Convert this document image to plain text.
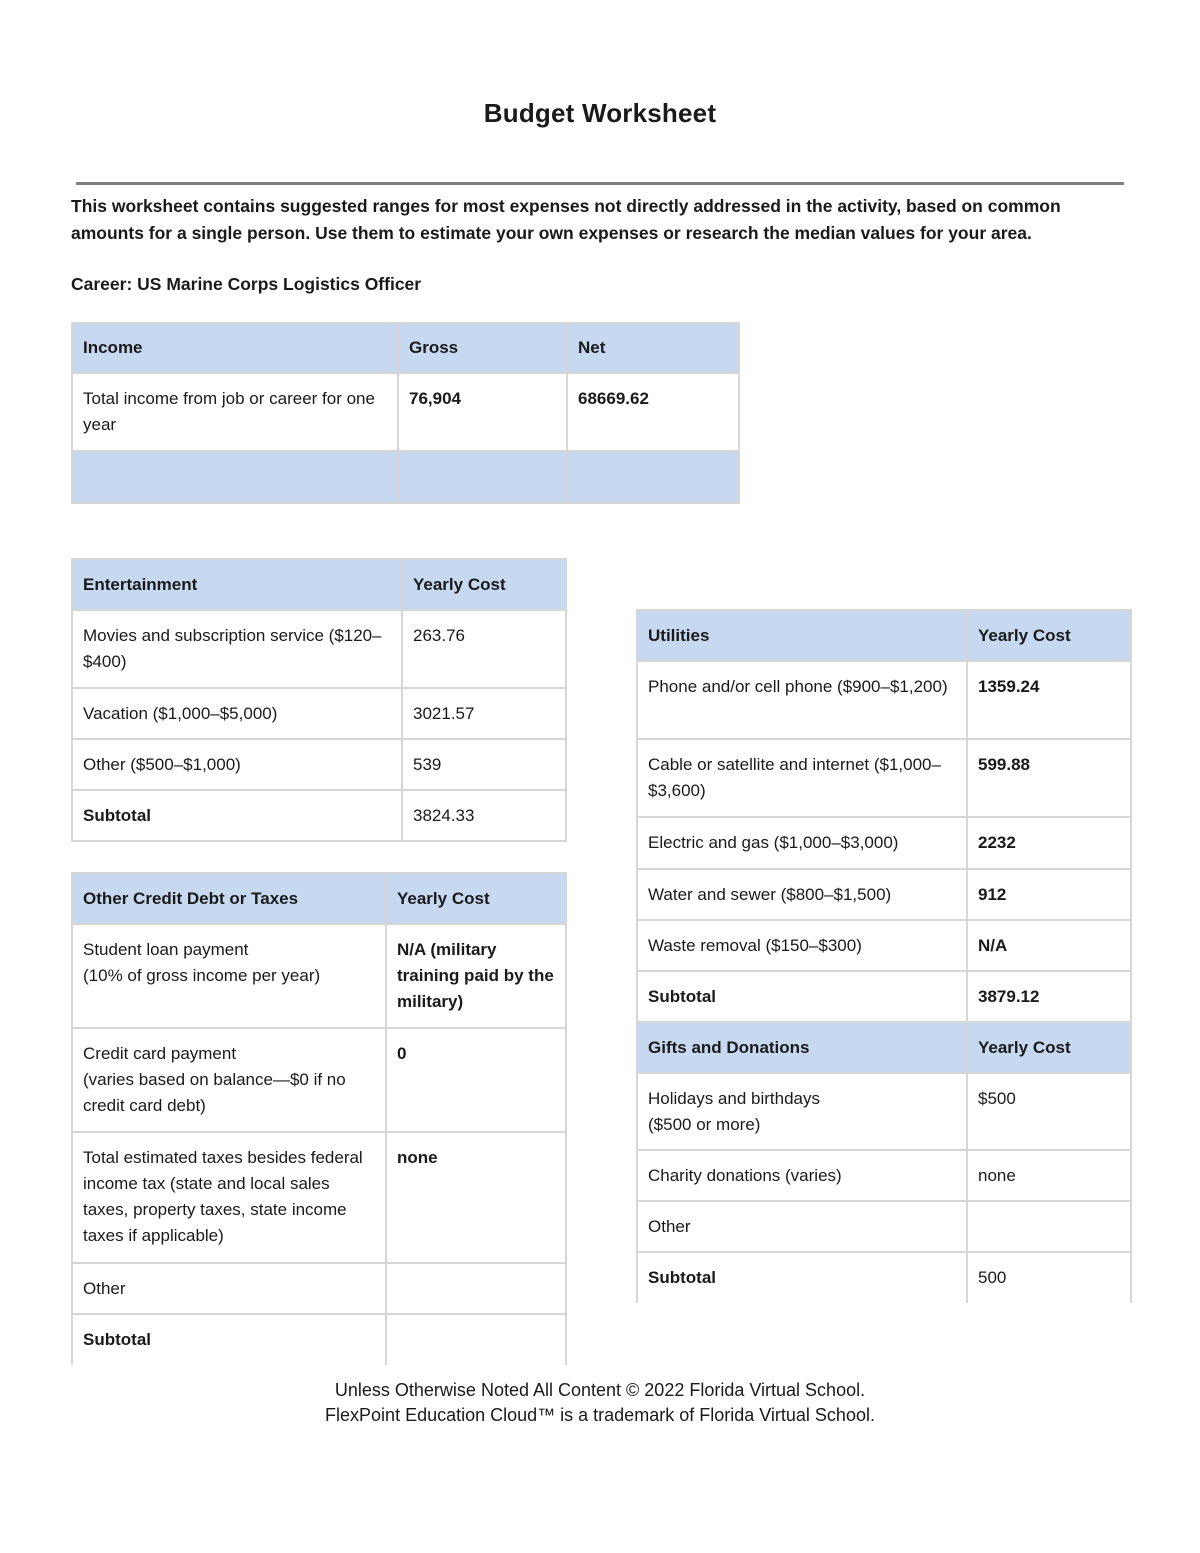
Budget Worksheet
This worksheet contains suggested ranges for most expenses not directly addressed in the activity, based on common amounts for a single person. Use them to estimate your own expenses or research the median values for your area.
Career: US Marine Corps Logistics Officer
Income	Gross	Net
Total income from job or career for one year	76,904	68669.62

Entertainment	Yearly Cost
Movies and subscription service ($120–$400)	263.76
Vacation ($1,000–$5,000)	3021.57
Other ($500–$1,000)	539
Subtotal	3824.33
Other Credit Debt or Taxes	Yearly Cost

Student loan payment
(10% of gross income per year)	N/A (military training paid by the military)

Credit card payment
(varies based on balance—$0 if no credit card debt)	0
Total estimated taxes besides federal income tax (state and local sales taxes, property taxes, state income taxes if applicable)	none
Other	
Subtotal	
Utilities	Yearly Cost
Phone and/or cell phone ($900–$1,200)	1359.24
Cable or satellite and internet ($1,000–$3,600)	599.88
Electric and gas ($1,000–$3,000)	2232
Water and sewer ($800–$1,500)	912
Waste removal ($150–$300)	N/A
Subtotal	3879.12
Gifts and Donations	Yearly Cost

Holidays and birthdays
($500 or more)	$500
Charity donations (varies)	none
Other	
Subtotal	500
Unless Otherwise Noted All Content © 2022 Florida Virtual School.
FlexPoint Education Cloud™ is a trademark of Florida Virtual School.
